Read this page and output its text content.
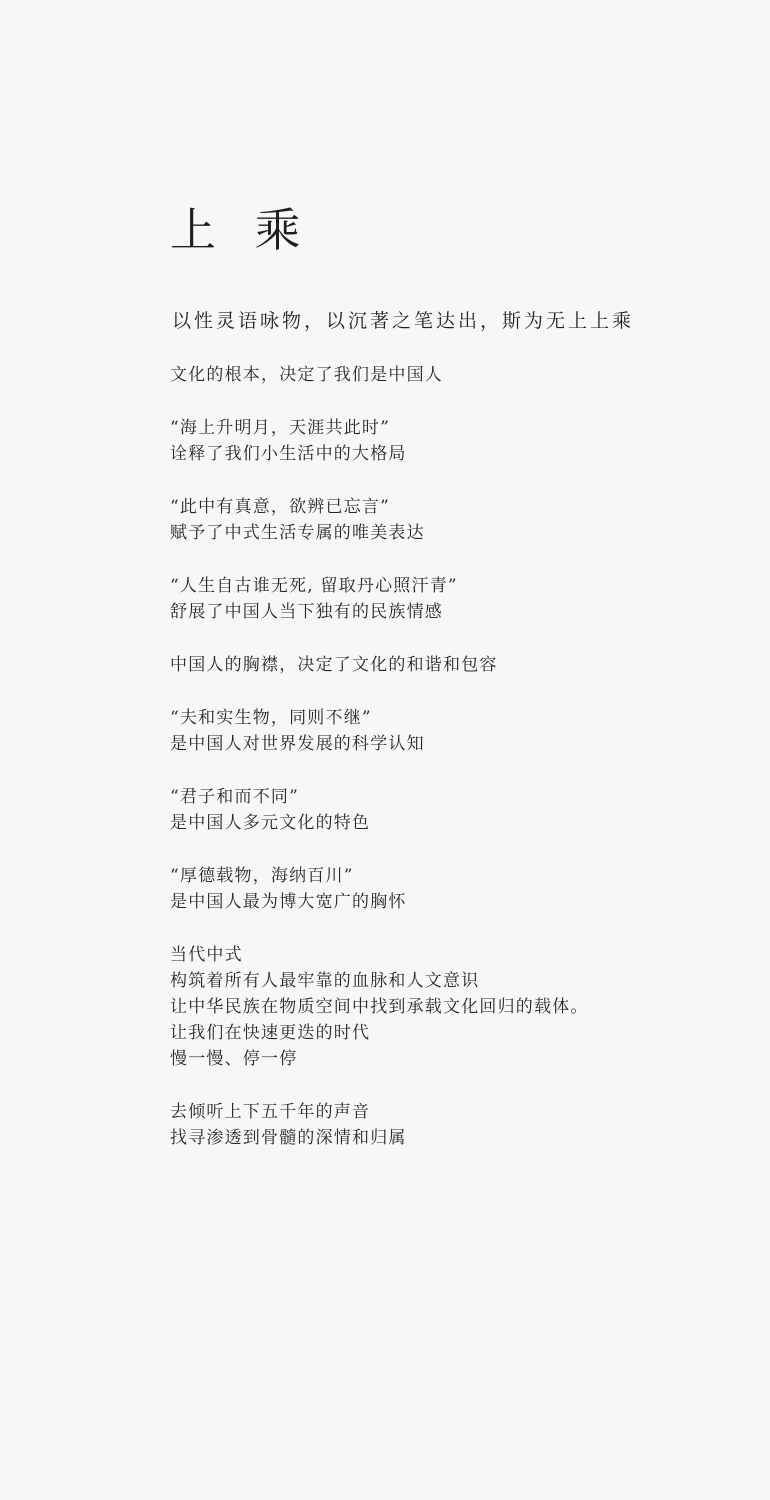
上 乘

以性灵语咏物，以沉著之笔达出，斯为无上上乘

文化的根本，决定了我们是中国人
“海上升明月，天涯共此时”
诠释了我们小生活中的大格局
“此中有真意，欲辨已忘言”
赋予了中式生活专属的唯美表达
“人生自古谁无死, 留取丹心照汗青”
舒展了中国人当下独有的民族情感
中国人的胸襟，决定了文化的和谐和包容
“夫和实生物，同则不继”
是中国人对世界发展的科学认知
“君子和而不同”
是中国人多元文化的特色
“厚德载物，海纳百川”
是中国人最为博大宽广的胸怀
当代中式
构筑着所有人最牢靠的血脉和人文意识
让中华民族在物质空间中找到承载文化回归的载体。
让我们在快速更迭的时代
慢一慢、停一停
去倾听上下五千年的声音
找寻渗透到骨髓的深情和归属
